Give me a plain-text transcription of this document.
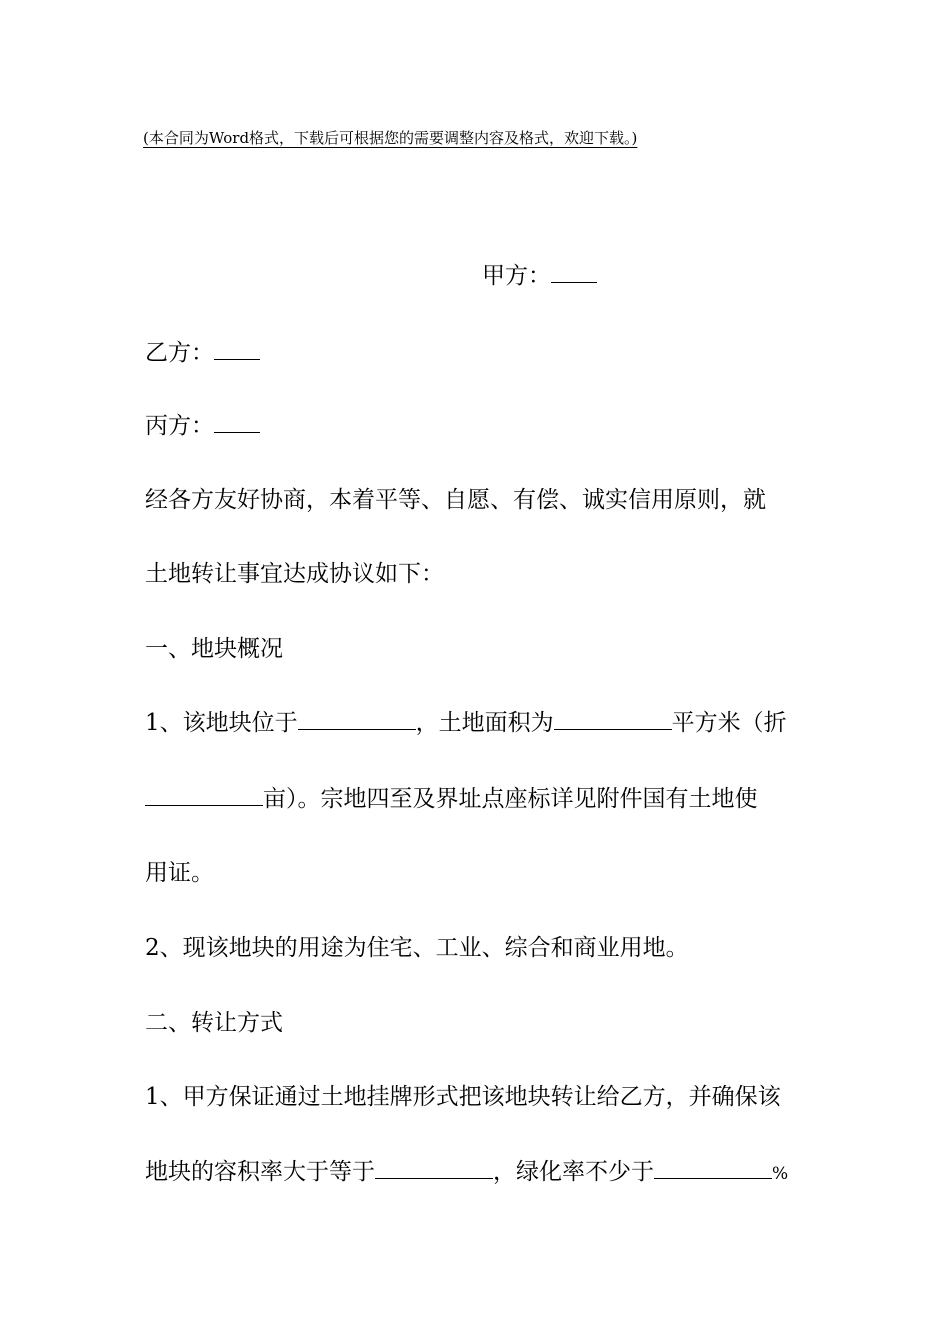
(本合同为Word格式，下载后可根据您的需要调整内容及格式，欢迎下载。)
甲方：
乙方：
丙方：
经各方友好协商，本着平等、自愿、有偿、诚实信用原则，就
土地转让事宜达成协议如下：
一、地块概况
1、该地块位于	，土地面积为	平方米（折
亩）。宗地四至及界址点座标详见附件国有土地使
用证。
2、现该地块的用途为住宅、工业、综合和商业用地。
二、转让方式
1、甲方保证通过土地挂牌形式把该地块转让给乙方，并确保该
地块的容积率大于等于	，绿化率不少于	%
